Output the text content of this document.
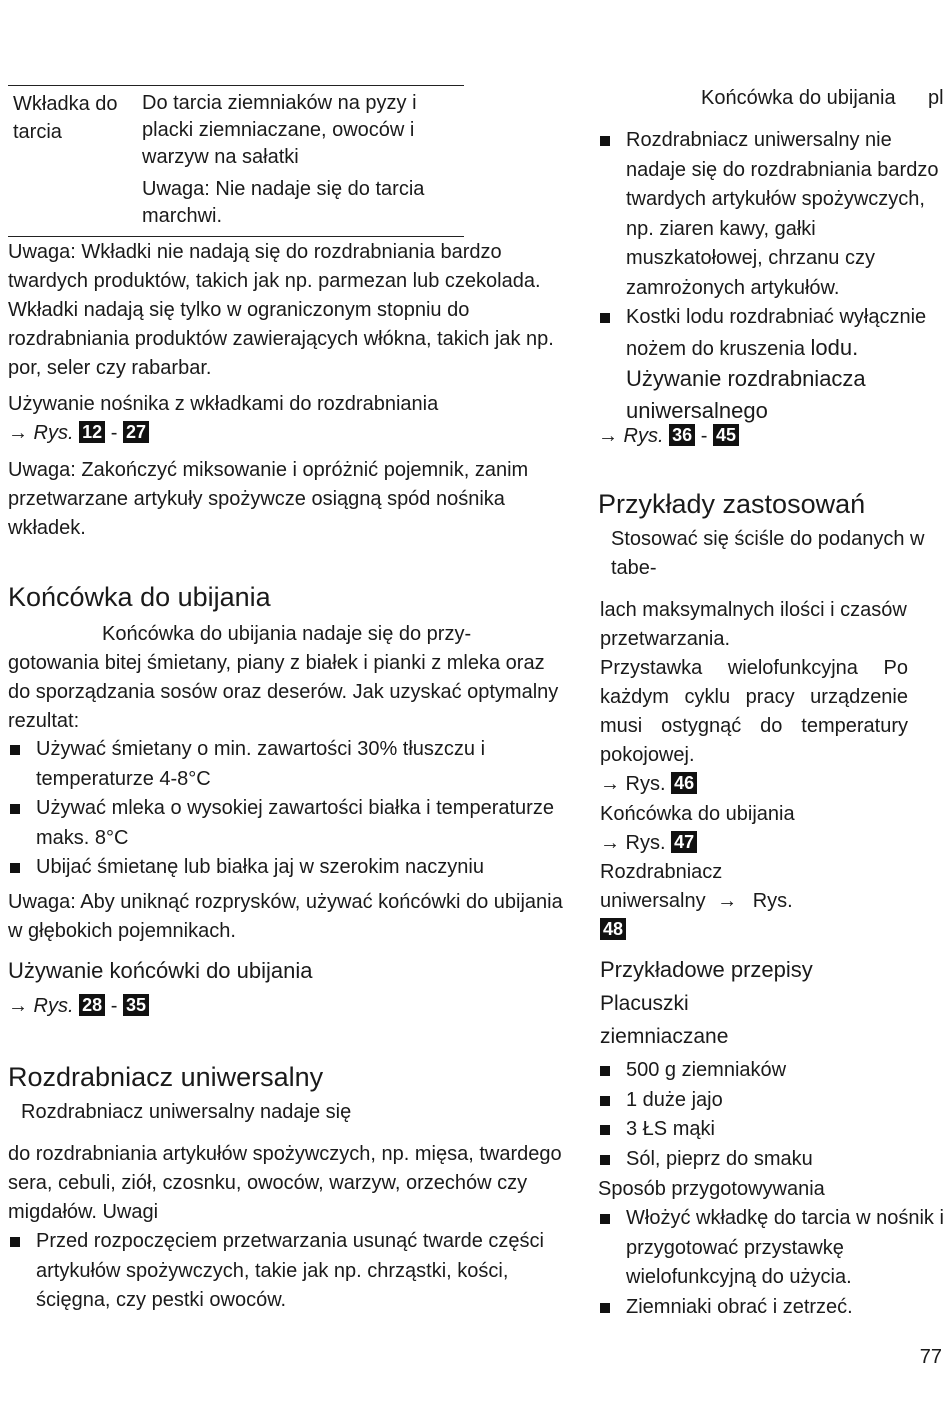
Wkładka do tarcia

Do tarcia ziemniaków na pyzy i placki ziemniaczane, owoców i warzyw na sałatki

Uwaga: Nie nadaje się do tarcia marchwi.

Uwaga: Wkładki nie nadają się do rozdrabniania bardzo twardych produktów, takich jak np. parmezan lub czekolada. Wkładki nadają się tylko w ograniczonym stopniu do rozdrabniania produktów zawierających włókna, takich jak np. por, seler czy rabarbar.

Używanie nośnika z wkładkami do rozdrabniania

→ Rys. 12 - 27

Uwaga: Zakończyć miksowanie i opróżnić pojemnik, zanim przetwarzane artykuły spożywcze osiągną spód nośnika wkładek.

Końcówka do ubijania

Końcówka do ubijania nadaje się do przy-

gotowania bitej śmietany, piany z białek i pianki z mleka oraz do sporządzania sosów oraz deserów. Jak uzyskać optymalny rezultat:

Używać śmietany o min. zawartości 30% tłuszczu i temperaturze 4-8°C
Używać mleka o wysokiej zawartości białka i temperaturze maks. 8°C
Ubijać śmietanę lub białka jaj w szerokim naczyniu

Uwaga: Aby uniknąć rozprysków, używać końcówki do ubijania w głębokich pojemnikach.

Używanie końcówki do ubijania
→ Rys. 28 - 35
Rozdrabniacz uniwersalny

Rozdrabniacz uniwersalny nadaje się

do rozdrabniania artykułów spożywczych, np. mięsa, twardego sera, cebuli, ziół, czosnku, owoców, warzyw, orzechów czy migdałów. Uwagi

Przed rozpoczęciem przetwarzania usunąć twarde części artykułów spożywczych, takie jak np. chrząstki, kości, ścięgna, czy pestki owoców.
Końcówka do ubijania pl
Rozdrabniacz uniwersalny nie nadaje się do rozdrabniania bardzo twardych artykułów spożywczych, np. ziaren kawy, gałki muszkatołowej, chrzanu czy zamrożonych artykułów.
Kostki lodu rozdrabniać wyłącznie nożem do kruszenia lodu. Używanie rozdrabniacza uniwersalnego
→ Rys. 36 - 45
Przykłady zastosowań

Stosować się ściśle do podanych w tabe-

lach maksymalnych ilości i czasów przetwarzania.

Przystawka wielofunkcyjna Po każdym cyklu pracy urządzenie musi ostygnąć do temperatury pokojowej.

→ Rys. 46

Końcówka do ubijania

→ Rys. 47

Rozdrabniacz

uniwersalny → Rys.

48
Przykładowe przepisy

Placuszki

ziemniaczane

500 g ziemniaków
1 duże jajo
3 ŁS mąki
Sól, pieprz do smaku

Sposób przygotowywania

Włożyć wkładkę do tarcia w nośnik i przygotować przystawkę wielofunkcyjną do użycia.
Ziemniaki obrać i zetrzeć.
77
